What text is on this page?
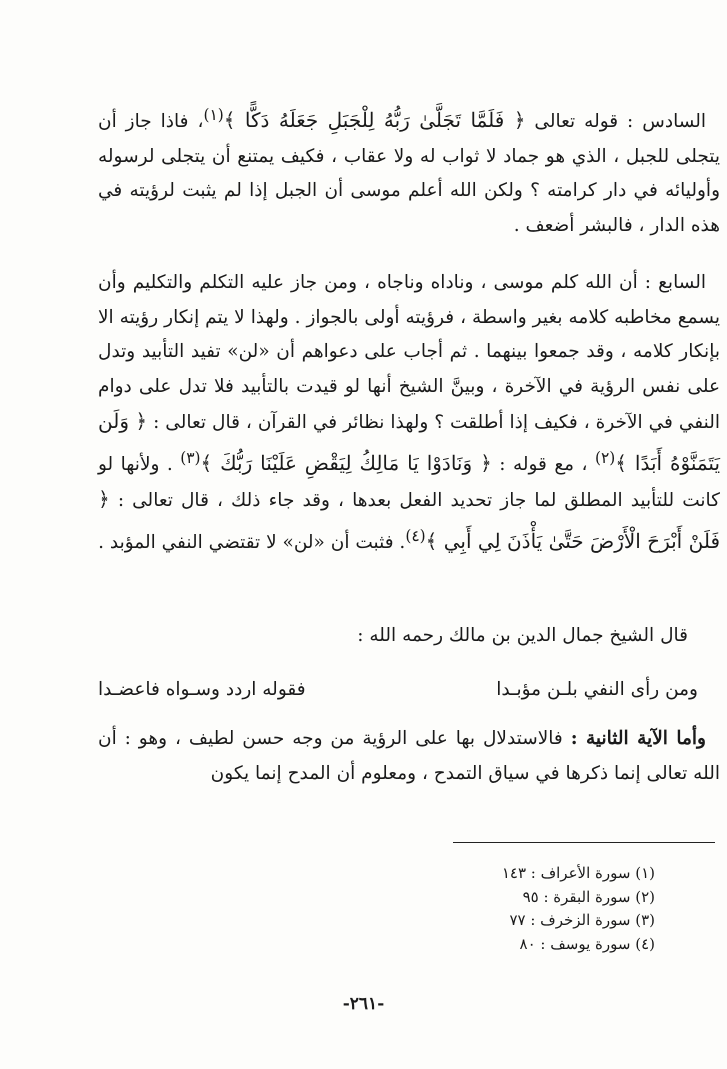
السادس : قوله تعالى ﴿ فَلَمَّا تَجَلَّىٰ رَبُّهُ لِلْجَبَلِ جَعَلَهُ دَكًّا ﴾$^{(١)}$، فاذا جاز أن يتجلى للجبل ، الذي هو جماد لا ثواب له ولا عقاب ، فكيف يمتنع أن يتجلى لرسوله وأوليائه في دار كرامته ؟ ولكن الله أعلم موسى أن الجبل إذا لم يثبت لرؤيته في هذه الدار ، فالبشر أضعف .

السابع : أن الله كلم موسى ، وناداه وناجاه ، ومن جاز عليه التكلم والتكليم وأن يسمع مخاطبه كلامه بغير واسطة ، فرؤيته أولى بالجواز . ولهذا لا يتم إنكار رؤيته الا بإنكار كلامه ، وقد جمعوا بينهما . ثم أجاب على دعواهم أن «لن» تفيد التأبيد وتدل على نفس الرؤية في الآخرة ، وبينَّ الشيخ أنها لو قيدت بالتأبيد فلا تدل على دوام النفي في الآخرة ، فكيف إذا أطلقت ؟ ولهذا نظائر في القرآن ، قال تعالى : ﴿ وَلَن يَتَمَنَّوْهُ أَبَدًا ﴾$^{(٢)}$ ، مع قوله : ﴿ وَنَادَوْا يَا مَالِكُ لِيَقْضِ عَلَيْنَا رَبُّكَ ﴾$^{(٣)}$ . ولأنها لو كانت للتأبيد المطلق لما جاز تحديد الفعل بعدها ، وقد جاء ذلك ، قال تعالى : ﴿ فَلَنْ أَبْرَحَ الْأَرْضَ حَتَّىٰ يَأْذَنَ لِي أَبِي ﴾$^{(٤)}$. فثبت أن «لن» لا تقتضي النفي المؤبد .

قال الشيخ جمال الدين بن مالك رحمه الله :

ومن رأى النفي بلـن مؤبـدا
فقوله اردد وسـواه فاعضـدا

وأما الآية الثانية : فالاستدلال بها على الرؤية من وجه حسن لطيف ، وهو : أن الله تعالى إنما ذكرها في سياق التمدح ، ومعلوم أن المدح إنما يكون

(١) سورة الأعراف : ١٤٣
(٢) سورة البقرة : ٩٥
(٣) سورة الزخرف : ٧٧
(٤) سورة يوسف : ٨٠
-٢٦١-
